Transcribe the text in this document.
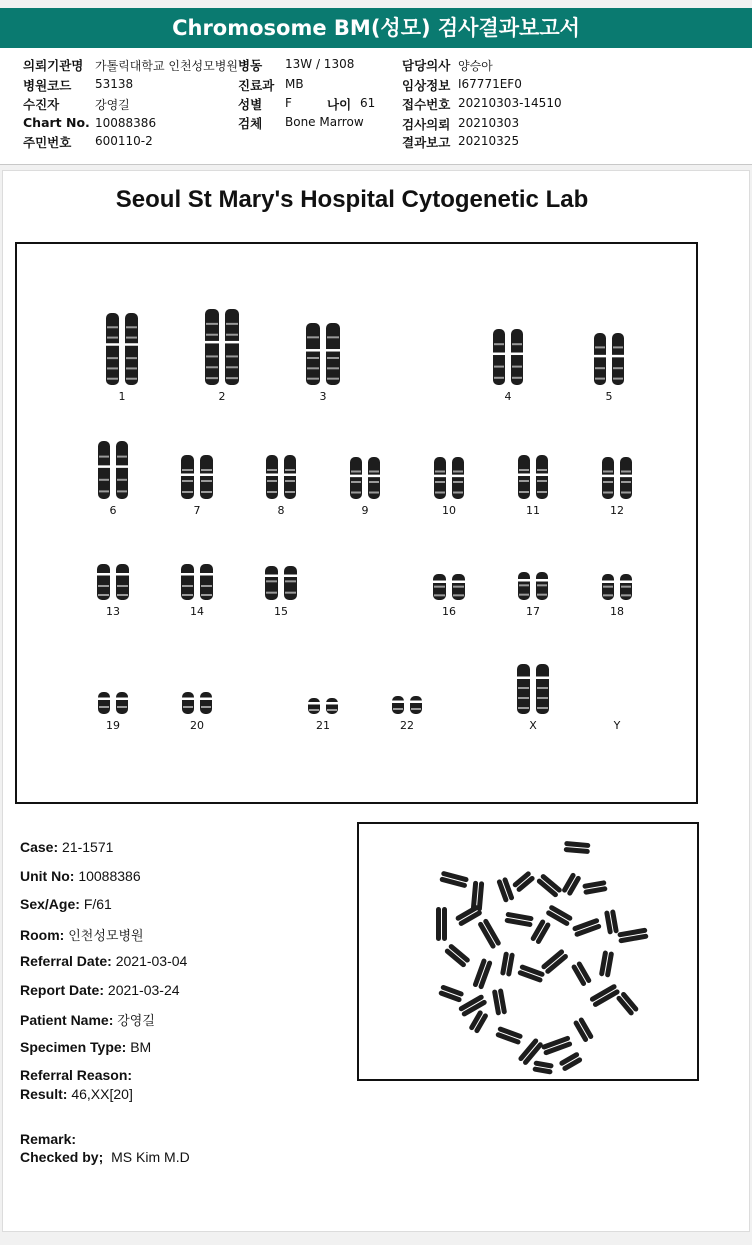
Chromosome BM(성모) 검사결과보고서
의뢰기관명 가톨릭대학교 인천성모병원
병원코드 53138
수진자	강영길
Chart No. 10088386
주민번호 600110-2
병동 13W / 1308
진료과 MB
성별 F	나이 61
검체 Bone Marrow
담당의사 양승아
임상정보 I67771EF0
접수번호 20210303-14510
검사의뢰 20210303
결과보고 20210325
Seoul St Mary's Hospital Cytogenetic Lab
1	2	3	4	5
6	7	8	9	10	11	12
13	14	15	16	17	18
19	20	21	22	X	Y
Case: 21-1571
Unit No: 10088386
Sex/Age: F/61
Room: 인천성모병원
Referral Date: 2021-03-04
Report Date: 2021-03-24
Patient Name: 강영길
Specimen Type: BM
Referral Reason:
Result: 46,XX[20]
Remark:
Checked by; MS Kim M.D
